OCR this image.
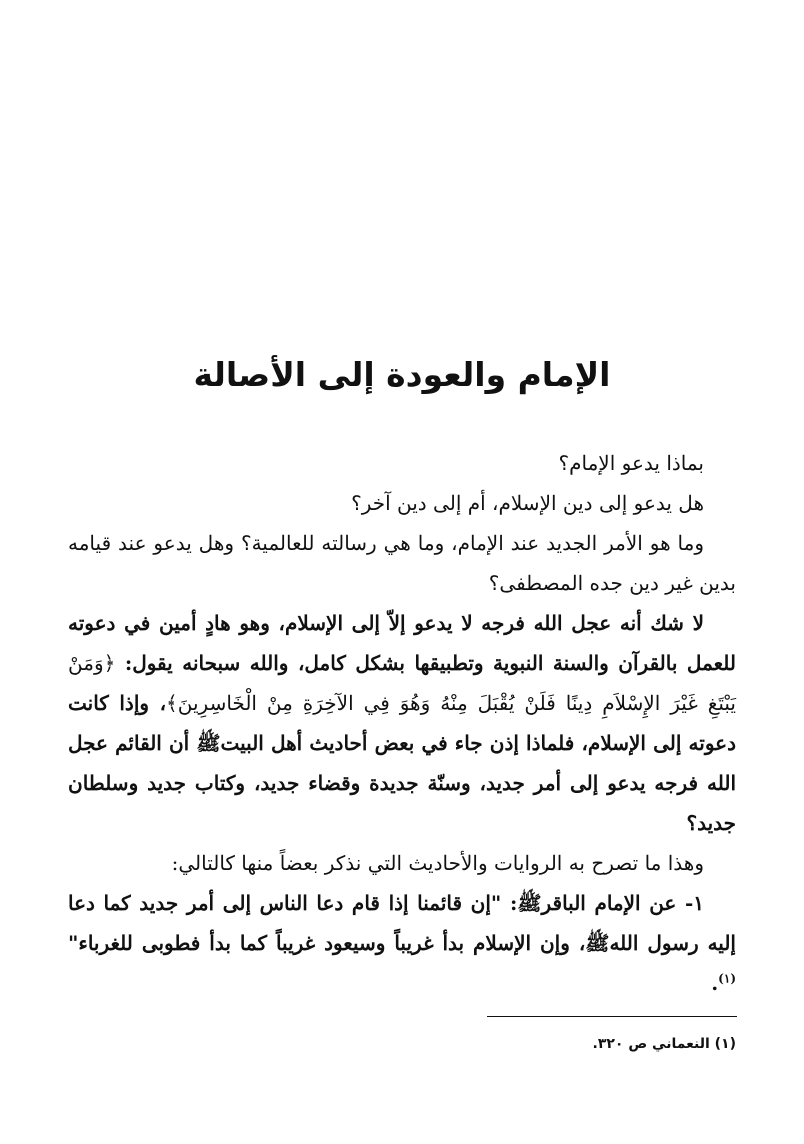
الإمام والعودة إلى الأصالة

بماذا يدعو الإمام؟

هل يدعو إلى دين الإسلام، أم إلى دين آخر؟

وما هو الأمر الجديد عند الإمام، وما هي رسالته للعالمية؟ وهل يدعو عند قيامه بدين غير دين جده المصطفى؟

لا شك أنه عجل الله فرجه لا يدعو إلاّ إلى الإسلام، وهو هادٍ أمين في دعوته للعمل بالقرآن والسنة النبوية وتطبيقها بشكل كامل، والله سبحانه يقول: ﴿وَمَنْ يَبْتَغِ غَيْرَ الإِسْلاَمِ دِينًا فَلَنْ يُقْبَلَ مِنْهُ وَهُوَ فِي الآخِرَةِ مِنْ الْخَاسِرِينَ﴾، وإذا كانت دعوته إلى الإسلام، فلماذا إذن جاء في بعض أحاديث أهل البيتﷺ أن القائم عجل الله فرجه يدعو إلى أمر جديد، وسنّة جديدة وقضاء جديد، وكتاب جديد وسلطان جديد؟

وهذا ما تصرح به الروايات والأحاديث التي نذكر بعضاً منها كالتالي:

١- عن الإمام الباقرﷺ: "إن قائمنا إذا قام دعا الناس إلى أمر جديد كما دعا إليه رسول اللهﷺ، وإن الإسلام بدأ غريباً وسيعود غريباً كما بدأ فطوبى للغرباء"$^{(١)}$.

(١) النعماني ص ٣٢٠.
